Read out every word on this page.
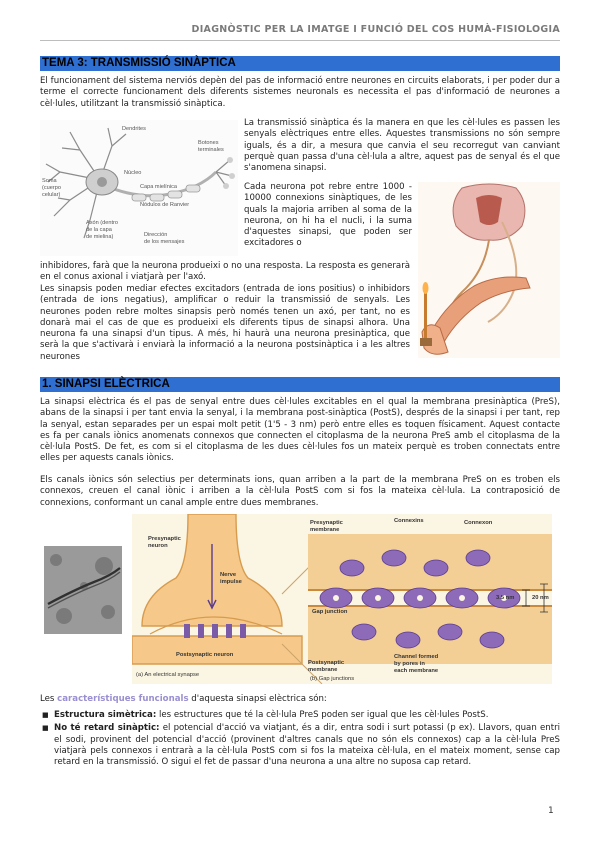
DIAGNÒSTIC PER LA IMATGE I FUNCIÓ DEL COS HUMÀ-FISIOLOGIA
TEMA 3: TRANSMISSIÓ SINÀPTICA
El funcionament del sistema nerviós depèn del pas de informació entre neurones en circuits elaborats, i per poder dur a terme el correcte funcionament dels diferents sistemes neuronals es necessita el pas d'informació de neurones a cèl·lules, utilitzant la transmissió sinàptica.
Dendrites
Botones
terminales
Núcleo
Soma
(cuerpo
celular)
Capa mielínica
Nódulos de Ranvier
Axón (dentro
de la capa
de mielina)	Dirección
de los mensajes
La transmissió sinàptica és la manera en que les cèl·lules es passen les senyals elèctriques entre elles. Aquestes transmissions no són sempre iguals, és a dir, a mesura que canvia el seu recorregut van canviant perquè quan passa d'una cèl·lula a altre, aquest pas de senyal és el que s'anomena sinapsi.
Cada neurona pot rebre entre 1000 - 10000 connexions sinàptiques, de les quals la majoria arriben al soma de la neurona, on hi ha el nucli, i la suma d'aquestes sinapsi, que poden ser excitadores o
inhibidores, farà que la neurona produeixi o no una resposta. La resposta es generarà en el conus axional i viatjarà per l'axó.
Les sinapsis poden mediar efectes excitadors (entrada de ions positius) o inhibidors (entrada de ions negatius), amplificar o reduir la transmissió de senyals. Les neurones poden rebre moltes sinapsis però només tenen un axó, per tant, no es donarà mai el cas de que es produeixi els diferents tipus de sinapsi alhora. Una neurona fa una sinapsi d'un tipus. A més, hi haurà una neurona presinàptica, que serà la que s'activarà i enviarà la informació a la neurona postsinàptica i a les altres neurones
1. SINAPSI ELÈCTRICA
La sinapsi elèctrica és el pas de senyal entre dues cèl·lules excitables en el qual la membrana presinàptica (PreS), abans de la sinapsi i per tant envia la senyal, i la membrana post-sinàptica (PostS), després de la sinapsi i per tant, rep la senyal, estan separades per un espai molt petit (1'5 - 3 nm) però entre elles es toquen físicament. Aquest contacte es fa per canals iònics anomenats connexos que connecten el citoplasma de la neurona PreS amb el citoplasma de la cèl·lula PostS. De fet, es com si el citoplasma de les dues cèl·lules fos un mateix perquè es troben connectats entre elles per aquests canals iònics.
Els canals iònics són selectius per determinats ions, quan arriben a la part de la membrana PreS on es troben els connexos, creuen el canal iònic i arriben a la cèl·lula PostS com si fos la mateixa cèl·lula. La contraposició de connexions, conformant un canal ample entre dues membranes.
Presynaptic
neuron
Nerve
impulse
Postsynaptic neuron
(a) An electrical synapse
Presynaptic
membrane
Connexins	Connexon
Gap junction
3.5 nm	20 nm
Postsynaptic
membrane
Channel formed
by pores in
each membrane
(b) Gap junctions
Les característiques funcionals d'aquesta sinapsi elèctrica són:
■ Estructura simètrica: les estructures que té la cèl·lula PreS poden ser igual que les cèl·lules PostS.
■ No té retard sinàptic: el potencial d'acció va viatjant, és a dir, entra sodi i surt potassi (p ex). Llavors, quan entri el sodi, provinent del potencial d'acció (provinent d'altres canals que no són els connexos) cap a la cèl·lula PreS viatjarà pels connexos i entrarà a la cèl·lula PostS com si fos la mateixa cèl·lula, en el mateix moment, sense cap retard en la transmissió. O sigui el fet de passar d'una neurona a una altre no suposa cap retard.
1
